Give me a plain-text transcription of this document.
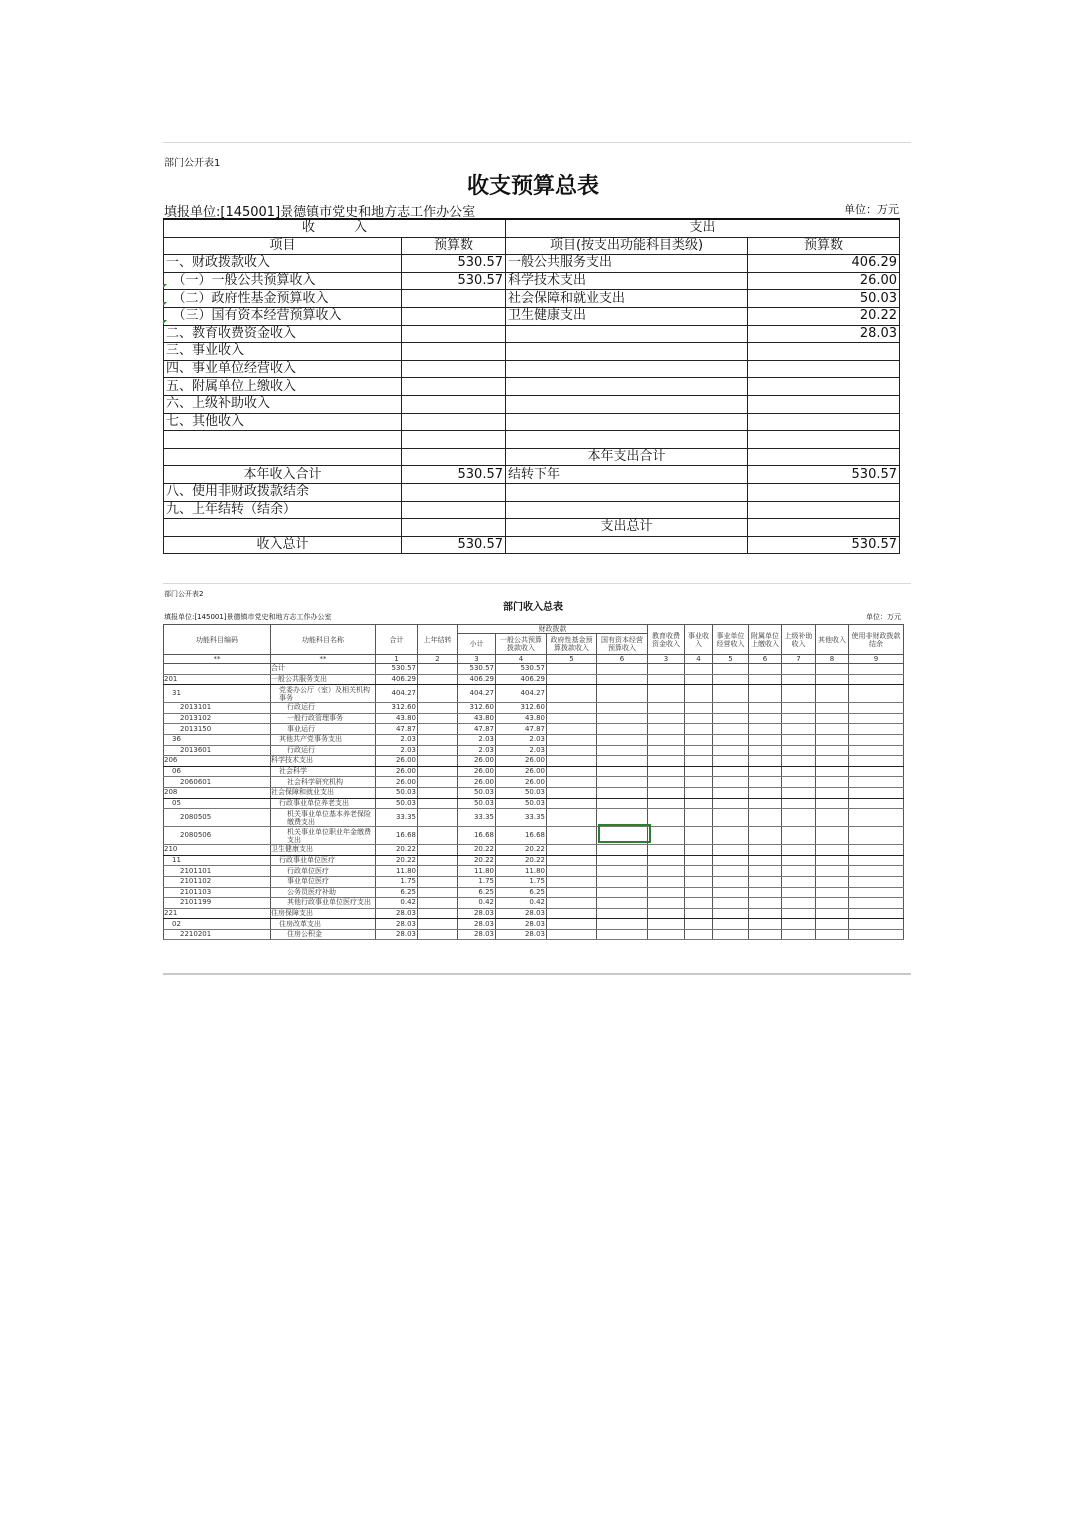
部门公开表1
收支预算总表
填报单位:[145001]景德镇市党史和地方志工作办公室	单位：万元
收　　　入		支出	
项目	预算数	项目(按支出功能科目类级)	预算数
一、财政拨款收入	530.57	一般公共服务支出	406.29
　（一）一般公共预算收入	530.57	科学技术支出	26.00
　（二）政府性基金预算收入		社会保障和就业支出	50.03
　（三）国有资本经营预算收入		卫生健康支出	20.22
二、教育收费资金收入			28.03
三、事业收入			
四、事业单位经营收入			
五、附属单位上缴收入			
六、上级补助收入			
七、其他收入			

		本年支出合计	
本年收入合计	530.57	结转下年	530.57
八、使用非财政拨款结余			
九、上年结转（结余）			
		支出总计	
收入总计	530.57		530.57
部门公开表2
部门收入总表
填报单位:[145001]景德镇市党史和地方志工作办公室	单位：万元
功能科目编码	功能科目名称	合计	上年结转	财政拨款				教育收费资金收入	事业收入	事业单位经营收入	附属单位上缴收入	上级补助收入	其他收入	使用非财政拨款结余
				小计	一般公共预算拨款收入	政府性基金预算拨款收入	国有资本经营预算收入							
**	**	1	2	3	4	5	6	3	4	5	6	7	8	9
	合计	530.57		530.57	530.57									
201	一般公共服务支出	406.29		406.29	406.29									
31	党委办公厅（室）及相关机构事务	404.27		404.27	404.27									
2013101	行政运行	312.60		312.60	312.60									
2013102	一般行政管理事务	43.80		43.80	43.80									
2013150	事业运行	47.87		47.87	47.87									
36	其他共产党事务支出	2.03		2.03	2.03									
2013601	行政运行	2.03		2.03	2.03									
206	科学技术支出	26.00		26.00	26.00									
06	社会科学	26.00		26.00	26.00									
2060601	社会科学研究机构	26.00		26.00	26.00									
208	社会保障和就业支出	50.03		50.03	50.03									
05	行政事业单位养老支出	50.03		50.03	50.03									
2080505	机关事业单位基本养老保险缴费支出	33.35		33.35	33.35									
2080506	机关事业单位职业年金缴费支出	16.68		16.68	16.68									
210	卫生健康支出	20.22		20.22	20.22									
11	行政事业单位医疗	20.22		20.22	20.22									
2101101	行政单位医疗	11.80		11.80	11.80									
2101102	事业单位医疗	1.75		1.75	1.75									
2101103	公务员医疗补助	6.25		6.25	6.25									
2101199	其他行政事业单位医疗支出	0.42		0.42	0.42									
221	住房保障支出	28.03		28.03	28.03									
02	住房改革支出	28.03		28.03	28.03									
2210201	住房公积金	28.03		28.03	28.03									
